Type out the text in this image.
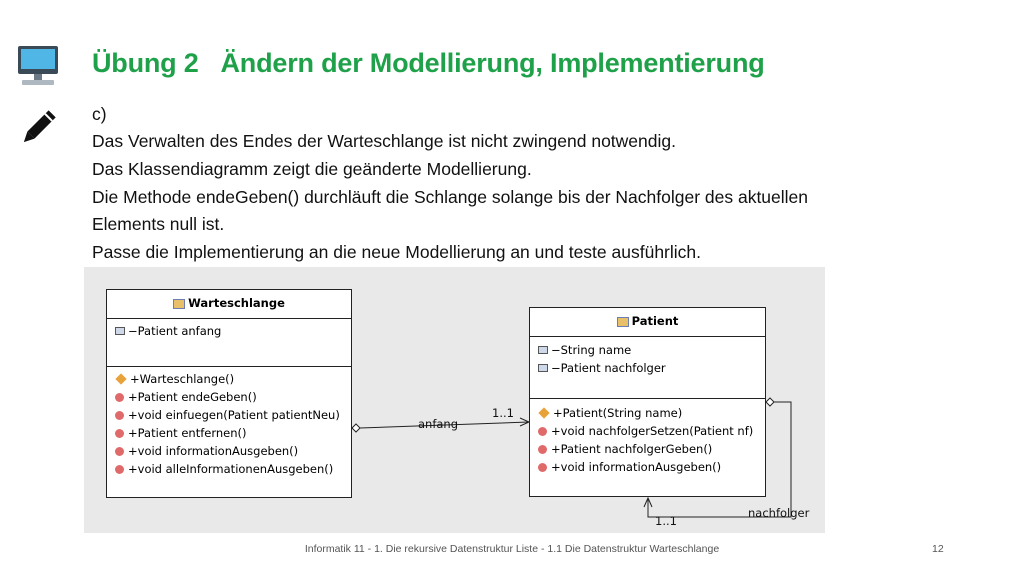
Übung 2   Ändern der Modellierung, Implementierung
c)
Das Verwalten des Endes der Warteschlange ist nicht zwingend notwendig.
Das Klassendiagramm zeigt die geänderte Modellierung.
Die Methode endeGeben() durchläuft die Schlange solange bis der Nachfolger des aktuellen
Elements null ist.
Passe die Implementierung an die neue Modellierung an und teste ausführlich.
Warteschlange
−Patient anfang
+Warteschlange()
+Patient endeGeben()
+void einfuegen(Patient patientNeu)
+Patient entfernen()
+void informationAusgeben()
+void alleInformationenAusgeben()
Patient
−String name
−Patient nachfolger
+Patient(String name)
+void nachfolgerSetzen(Patient nf)
+Patient nachfolgerGeben()
+void informationAusgeben()
1..1
anfang
nachfolger
1..1
Informatik 11 - 1. Die rekursive Datenstruktur Liste - 1.1 Die Datenstruktur Warteschlange	12
